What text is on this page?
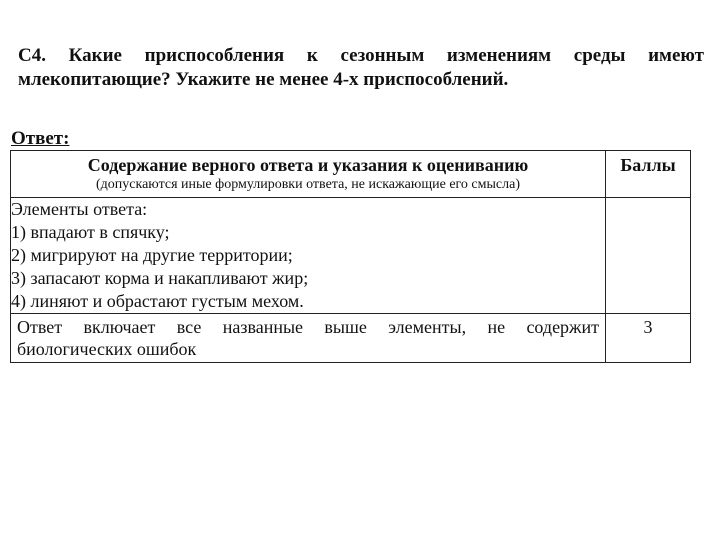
С4. Какие приспособления к сезонным изменениям среды имеют млекопитающие? Укажите не менее 4-х приспособлений.
Ответ:
Содержание верного ответа и указания к оцениванию
(допускаются иные формулировки ответа, не искажающие его смысла)	Баллы

Элементы ответа:
1) впадают в спячку;
2) мигрируют на другие территории;
3) запасают корма и накапливают жир;
4) линяют и обрастают густым мехом.	

Ответ включает все названные выше элементы, не содержит биологических ошибок	3
